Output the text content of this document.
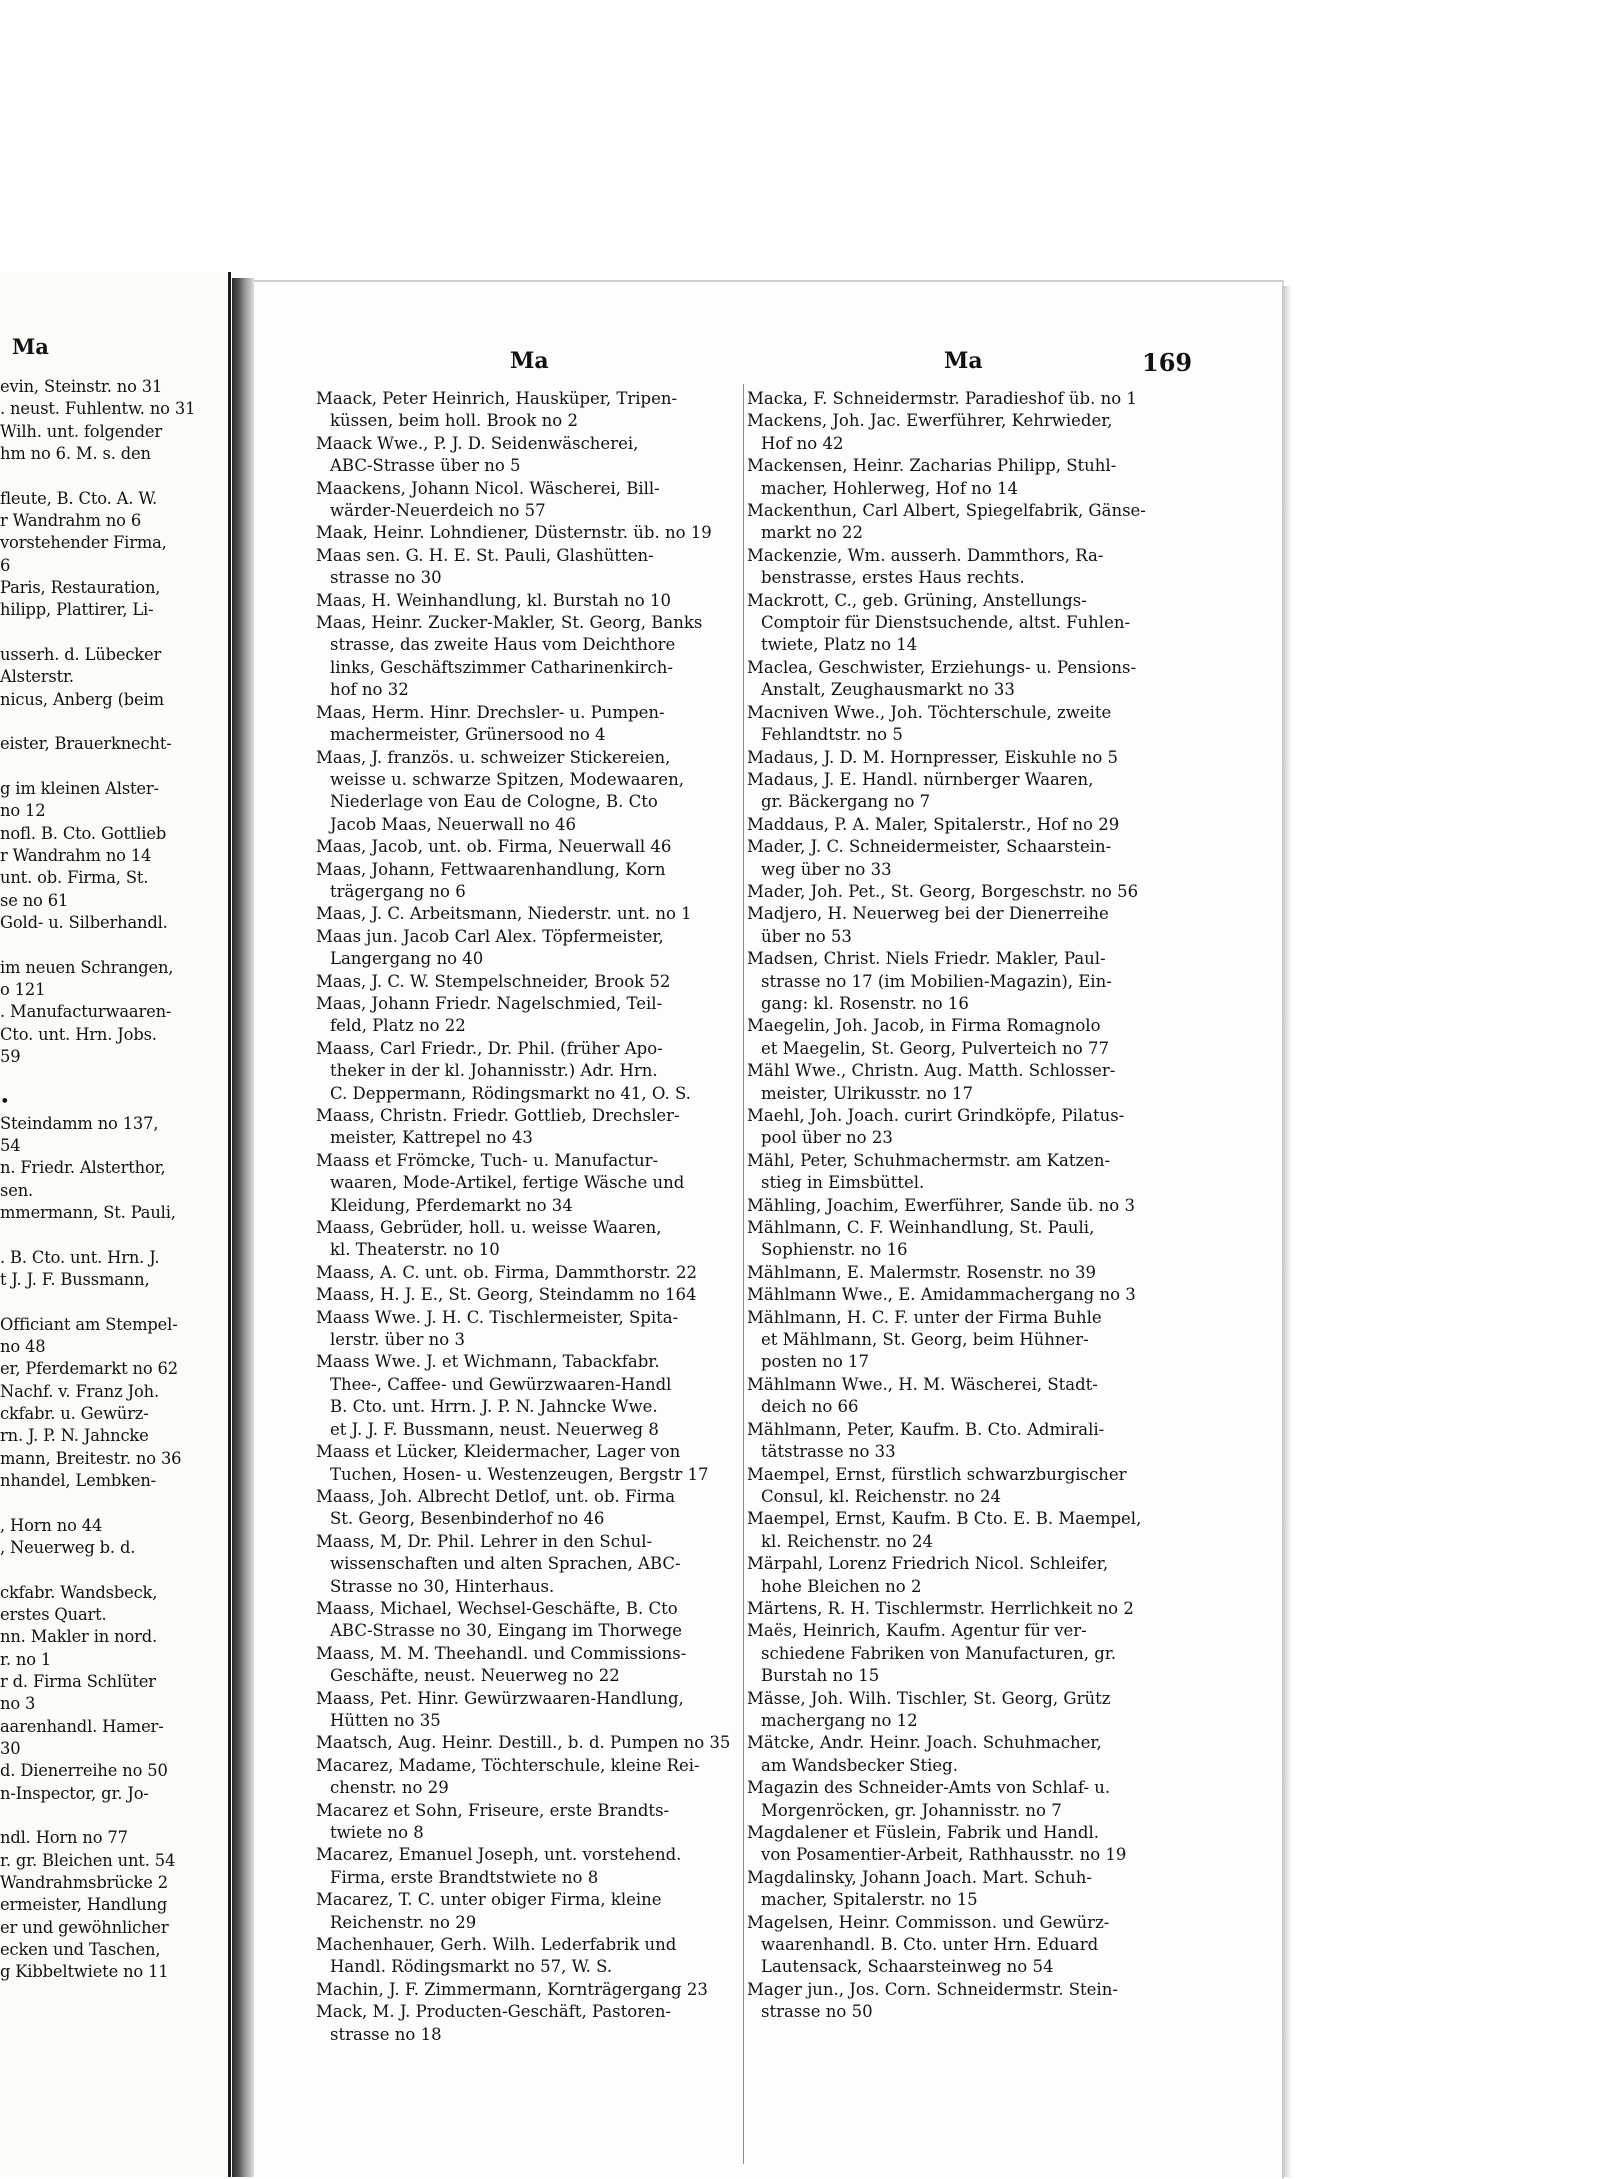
Ma
evin, Steinstr. no 31
. neust. Fuhlentw. no 31
Wilh. unt. folgender
hm no 6. M. s. den
fleute, B. Cto. A. W.
r Wandrahm no 6
vorstehender Firma,
6
Paris, Restauration,
hilipp, Plattirer, Li-
usserh. d. Lübecker
Alsterstr.
nicus, Anberg (beim
eister, Brauerknecht-
g im kleinen Alster-
no 12
nofl. B. Cto. Gottlieb
r Wandrahm no 14
unt. ob. Firma, St.
se no 61
Gold- u. Silberhandl.
im neuen Schrangen,
o 121
. Manufacturwaaren-
Cto. unt. Hrn. Jobs.
59
•
Steindamm no 137,
54
n. Friedr. Alsterthor,
sen.
mmermann, St. Pauli,
. B. Cto. unt. Hrn. J.
t J. J. F. Bussmann,
Officiant am Stempel-
no 48
er, Pferdemarkt no 62
Nachf. v. Franz Joh.
ckfabr. u. Gewürz-
rn. J. P. N. Jahncke
mann, Breitestr. no 36
nhandel, Lembken-
, Horn no 44
, Neuerweg b. d.
ckfabr. Wandsbeck,
erstes Quart.
nn. Makler in nord.
r. no 1
r d. Firma Schlüter
no 3
aarenhandl. Hamer-
30
d. Dienerreihe no 50
n-Inspector, gr. Jo-
ndl. Horn no 77
r. gr. Bleichen unt. 54
Wandrahmsbrücke 2
ermeister, Handlung
er und gewöhnlicher
ecken und Taschen,
g Kibbeltwiete no 11
Ma	Ma	169
Maack, Peter Heinrich, Hausküper, Tripen-
küssen, beim holl. Brook no 2
Maack Wwe., P. J. D. Seidenwäscherei,
ABC-Strasse über no 5
Maackens, Johann Nicol. Wäscherei, Bill-
wärder-Neuerdeich no 57
Maak, Heinr. Lohndiener, Düsternstr. üb. no 19
Maas sen. G. H. E. St. Pauli, Glashütten-
strasse no 30
Maas, H. Weinhandlung, kl. Burstah no 10
Maas, Heinr. Zucker-Makler, St. Georg, Banks
strasse, das zweite Haus vom Deichthore
links, Geschäftszimmer Catharinenkirch-
hof no 32
Maas, Herm. Hinr. Drechsler- u. Pumpen-
machermeister, Grünersood no 4
Maas, J. französ. u. schweizer Stickereien,
weisse u. schwarze Spitzen, Modewaaren,
Niederlage von Eau de Cologne, B. Cto
Jacob Maas, Neuerwall no 46
Maas, Jacob, unt. ob. Firma, Neuerwall 46
Maas, Johann, Fettwaarenhandlung, Korn
trägergang no 6
Maas, J. C. Arbeitsmann, Niederstr. unt. no 1
Maas jun. Jacob Carl Alex. Töpfermeister,
Langergang no 40
Maas, J. C. W. Stempelschneider, Brook 52
Maas, Johann Friedr. Nagelschmied, Teil-
feld, Platz no 22
Maass, Carl Friedr., Dr. Phil. (früher Apo-
theker in der kl. Johannisstr.) Adr. Hrn.
C. Deppermann, Rödingsmarkt no 41, O. S.
Maass, Christn. Friedr. Gottlieb, Drechsler-
meister, Kattrepel no 43
Maass et Frömcke, Tuch- u. Manufactur-
waaren, Mode-Artikel, fertige Wäsche und
Kleidung, Pferdemarkt no 34
Maass, Gebrüder, holl. u. weisse Waaren,
kl. Theaterstr. no 10
Maass, A. C. unt. ob. Firma, Dammthorstr. 22
Maass, H. J. E., St. Georg, Steindamm no 164
Maass Wwe. J. H. C. Tischlermeister, Spita-
lerstr. über no 3
Maass Wwe. J. et Wichmann, Tabackfabr.
Thee-, Caffee- und Gewürzwaaren-Handl
B. Cto. unt. Hrrn. J. P. N. Jahncke Wwe.
et J. J. F. Bussmann, neust. Neuerweg 8
Maass et Lücker, Kleidermacher, Lager von
Tuchen, Hosen- u. Westenzeugen, Bergstr 17
Maass, Joh. Albrecht Detlof, unt. ob. Firma
St. Georg, Besenbinderhof no 46
Maass, M, Dr. Phil. Lehrer in den Schul-
wissenschaften und alten Sprachen, ABC-
Strasse no 30, Hinterhaus.
Maass, Michael, Wechsel-Geschäfte, B. Cto
ABC-Strasse no 30, Eingang im Thorwege
Maass, M. M. Theehandl. und Commissions-
Geschäfte, neust. Neuerweg no 22
Maass, Pet. Hinr. Gewürzwaaren-Handlung,
Hütten no 35
Maatsch, Aug. Heinr. Destill., b. d. Pumpen no 35
Macarez, Madame, Töchterschule, kleine Rei-
chenstr. no 29
Macarez et Sohn, Friseure, erste Brandts-
twiete no 8
Macarez, Emanuel Joseph, unt. vorstehend.
Firma, erste Brandtstwiete no 8
Macarez, T. C. unter obiger Firma, kleine
Reichenstr. no 29
Machenhauer, Gerh. Wilh. Lederfabrik und
Handl. Rödingsmarkt no 57, W. S.
Machin, J. F. Zimmermann, Kornträgergang 23
Mack, M. J. Producten-Geschäft, Pastoren-
strasse no 18
Macka, F. Schneidermstr. Paradieshof üb. no 1
Mackens, Joh. Jac. Ewerführer, Kehrwieder,
Hof no 42
Mackensen, Heinr. Zacharias Philipp, Stuhl-
macher, Hohlerweg, Hof no 14
Mackenthun, Carl Albert, Spiegelfabrik, Gänse-
markt no 22
Mackenzie, Wm. ausserh. Dammthors, Ra-
benstrasse, erstes Haus rechts.
Mackrott, C., geb. Grüning, Anstellungs-
Comptoir für Dienstsuchende, altst. Fuhlen-
twiete, Platz no 14
Maclea, Geschwister, Erziehungs- u. Pensions-
Anstalt, Zeughausmarkt no 33
Macniven Wwe., Joh. Töchterschule, zweite
Fehlandtstr. no 5
Madaus, J. D. M. Hornpresser, Eiskuhle no 5
Madaus, J. E. Handl. nürnberger Waaren,
gr. Bäckergang no 7
Maddaus, P. A. Maler, Spitalerstr., Hof no 29
Mader, J. C. Schneidermeister, Schaarstein-
weg über no 33
Mader, Joh. Pet., St. Georg, Borgeschstr. no 56
Madjero, H. Neuerweg bei der Dienerreihe
über no 53
Madsen, Christ. Niels Friedr. Makler, Paul-
strasse no 17 (im Mobilien-Magazin), Ein-
gang: kl. Rosenstr. no 16
Maegelin, Joh. Jacob, in Firma Romagnolo
et Maegelin, St. Georg, Pulverteich no 77
Mähl Wwe., Christn. Aug. Matth. Schlosser-
meister, Ulrikusstr. no 17
Maehl, Joh. Joach. curirt Grindköpfe, Pilatus-
pool über no 23
Mähl, Peter, Schuhmachermstr. am Katzen-
stieg in Eimsbüttel.
Mähling, Joachim, Ewerführer, Sande üb. no 3
Mählmann, C. F. Weinhandlung, St. Pauli,
Sophienstr. no 16
Mählmann, E. Malermstr. Rosenstr. no 39
Mählmann Wwe., E. Amidammachergang no 3
Mählmann, H. C. F. unter der Firma Buhle
et Mählmann, St. Georg, beim Hühner-
posten no 17
Mählmann Wwe., H. M. Wäscherei, Stadt-
deich no 66
Mählmann, Peter, Kaufm. B. Cto. Admirali-
tätstrasse no 33
Maempel, Ernst, fürstlich schwarzburgischer
Consul, kl. Reichenstr. no 24
Maempel, Ernst, Kaufm. B Cto. E. B. Maempel,
kl. Reichenstr. no 24
Märpahl, Lorenz Friedrich Nicol. Schleifer,
hohe Bleichen no 2
Märtens, R. H. Tischlermstr. Herrlichkeit no 2
Maës, Heinrich, Kaufm. Agentur für ver-
schiedene Fabriken von Manufacturen, gr.
Burstah no 15
Mässe, Joh. Wilh. Tischler, St. Georg, Grütz
machergang no 12
Mätcke, Andr. Heinr. Joach. Schuhmacher,
am Wandsbecker Stieg.
Magazin des Schneider-Amts von Schlaf- u.
Morgenröcken, gr. Johannisstr. no 7
Magdalener et Füslein, Fabrik und Handl.
von Posamentier-Arbeit, Rathhausstr. no 19
Magdalinsky, Johann Joach. Mart. Schuh-
macher, Spitalerstr. no 15
Magelsen, Heinr. Commisson. und Gewürz-
waarenhandl. B. Cto. unter Hrn. Eduard
Lautensack, Schaarsteinweg no 54
Mager jun., Jos. Corn. Schneidermstr. Stein-
strasse no 50
